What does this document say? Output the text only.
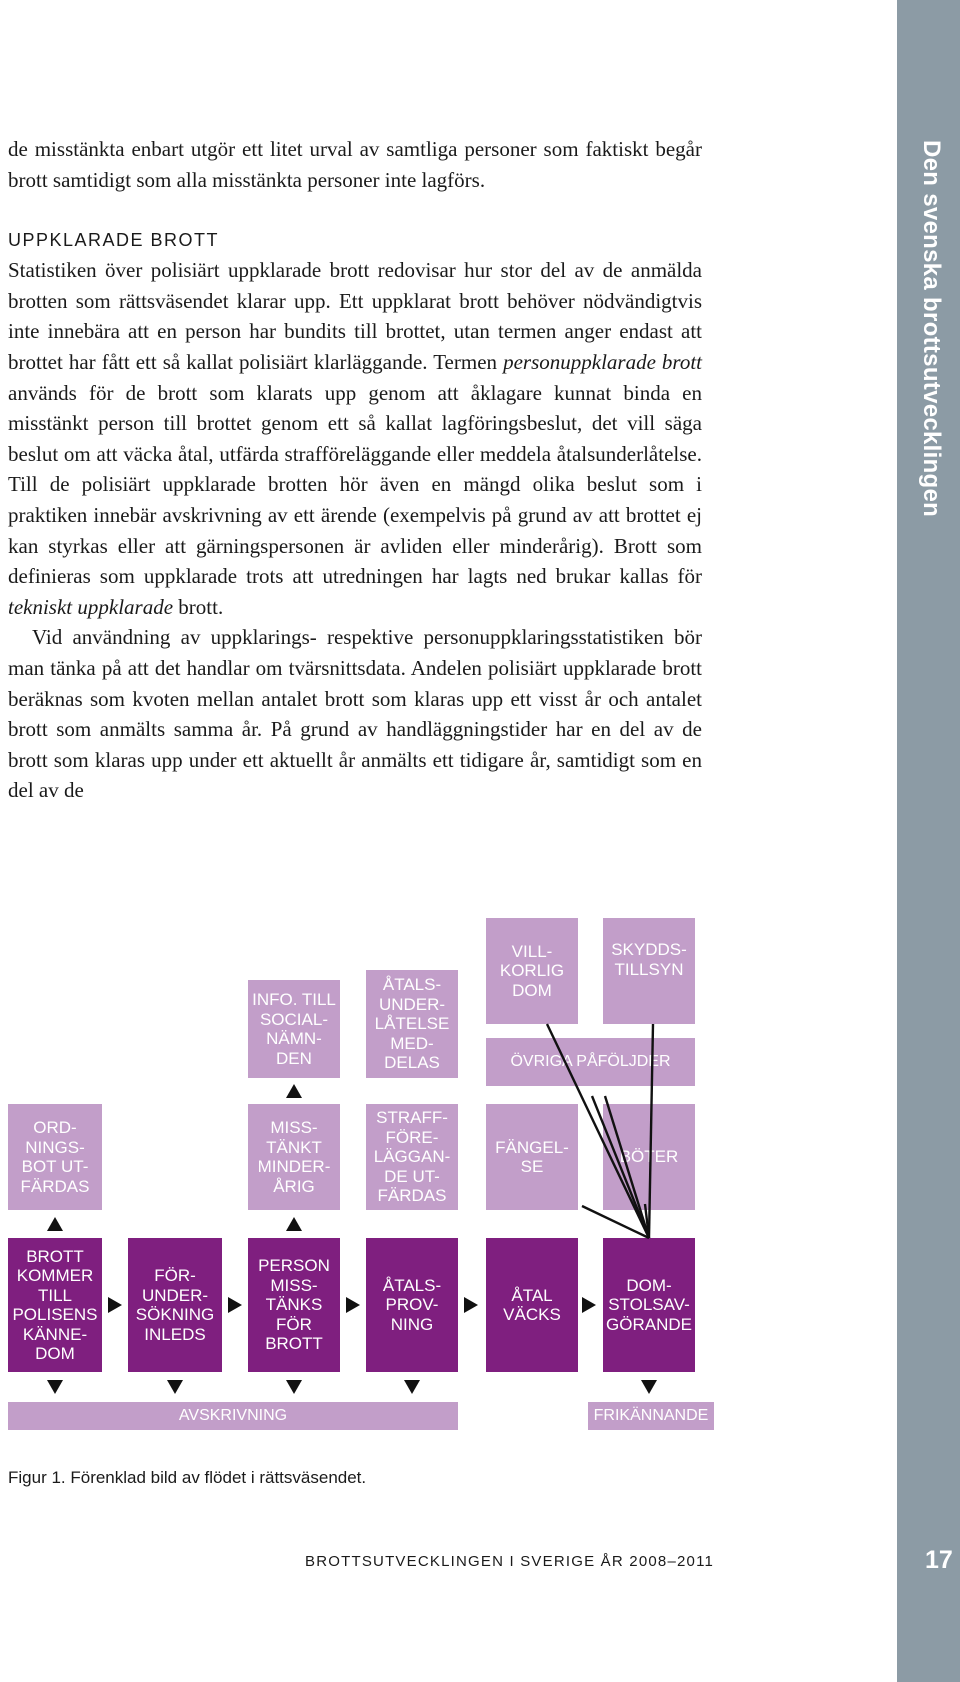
Den svenska brottsutvecklingen
17

de misstänkta enbart utgör ett litet urval av samtliga personer som faktiskt begår brott samtidigt som alla misstänkta personer inte lagförs.

UPPKLARADE BROTT

Statistiken över polisiärt uppklarade brott redovisar hur stor del av de anmälda brotten som rättsväsendet klarar upp. Ett uppklarat brott behöver nödvändigtvis inte innebära att en person har bundits till brottet, utan termen anger endast att brottet har fått ett så kallat polisiärt klarläggande. Termen personuppklarade brott används för de brott som klarats upp genom att åklagare kunnat binda en misstänkt person till brottet genom ett så kallat lagföringsbeslut, det vill säga beslut om att väcka åtal, utfärda strafföreläggande eller meddela åtalsunderlåtelse. Till de polisiärt uppklarade brotten hör även en mängd olika beslut som i praktiken innebär avskrivning av ett ärende (exempelvis på grund av att brottet ej kan styrkas eller att gärningspersonen är avliden eller minderårig). Brott som definieras som uppklarade trots att utredningen har lagts ned brukar kallas för tekniskt uppklarade brott.

Vid användning av uppklarings- respektive personuppklaringsstatistiken bör man tänka på att det handlar om tvärsnittsdata. Andelen polisiärt uppklarade brott beräknas som kvoten mellan antalet brott som klaras upp ett visst år och antalet brott som anmälts samma år. På grund av handläggningstider har en del av de brott som klaras upp under ett aktuellt år anmälts ett tidigare år, samtidigt som en del av de

VILL-
KORLIG
DOM
SKYDDS-
TILLSYN
INFO. TILL
SOCIAL-
NÄMN-
DEN
ÅTALS-
UNDER-
LÅTELSE
MED-
DELAS	ÖVRIGA PÅFÖLJDER
ORD-
NINGS-
BOT UT-
FÄRDAS
MISS-
TÄNKT
MINDER-
ÅRIG
STRAFF-
FÖRE-
LÄGGAN-
DE UT-
FÄRDAS
FÄNGEL-
SE
BÖTER
BROTT
KOMMER
TILL
POLISENS
KÄNNE-
DOM
FÖR-
UNDER-
SÖKNING
INLEDS
PERSON
MISS-
TÄNKS
FÖR
BROTT
ÅTALS-
PROV-
NING
ÅTAL
VÄCKS
DOM-
STOLSAV-
GÖRANDE
AVSKRIVNING	FRIKÄNNANDE
Figur 1. Förenklad bild av flödet i rättsväsendet.
BROTTSUTVECKLINGEN I SVERIGE ÅR 2008–2011
